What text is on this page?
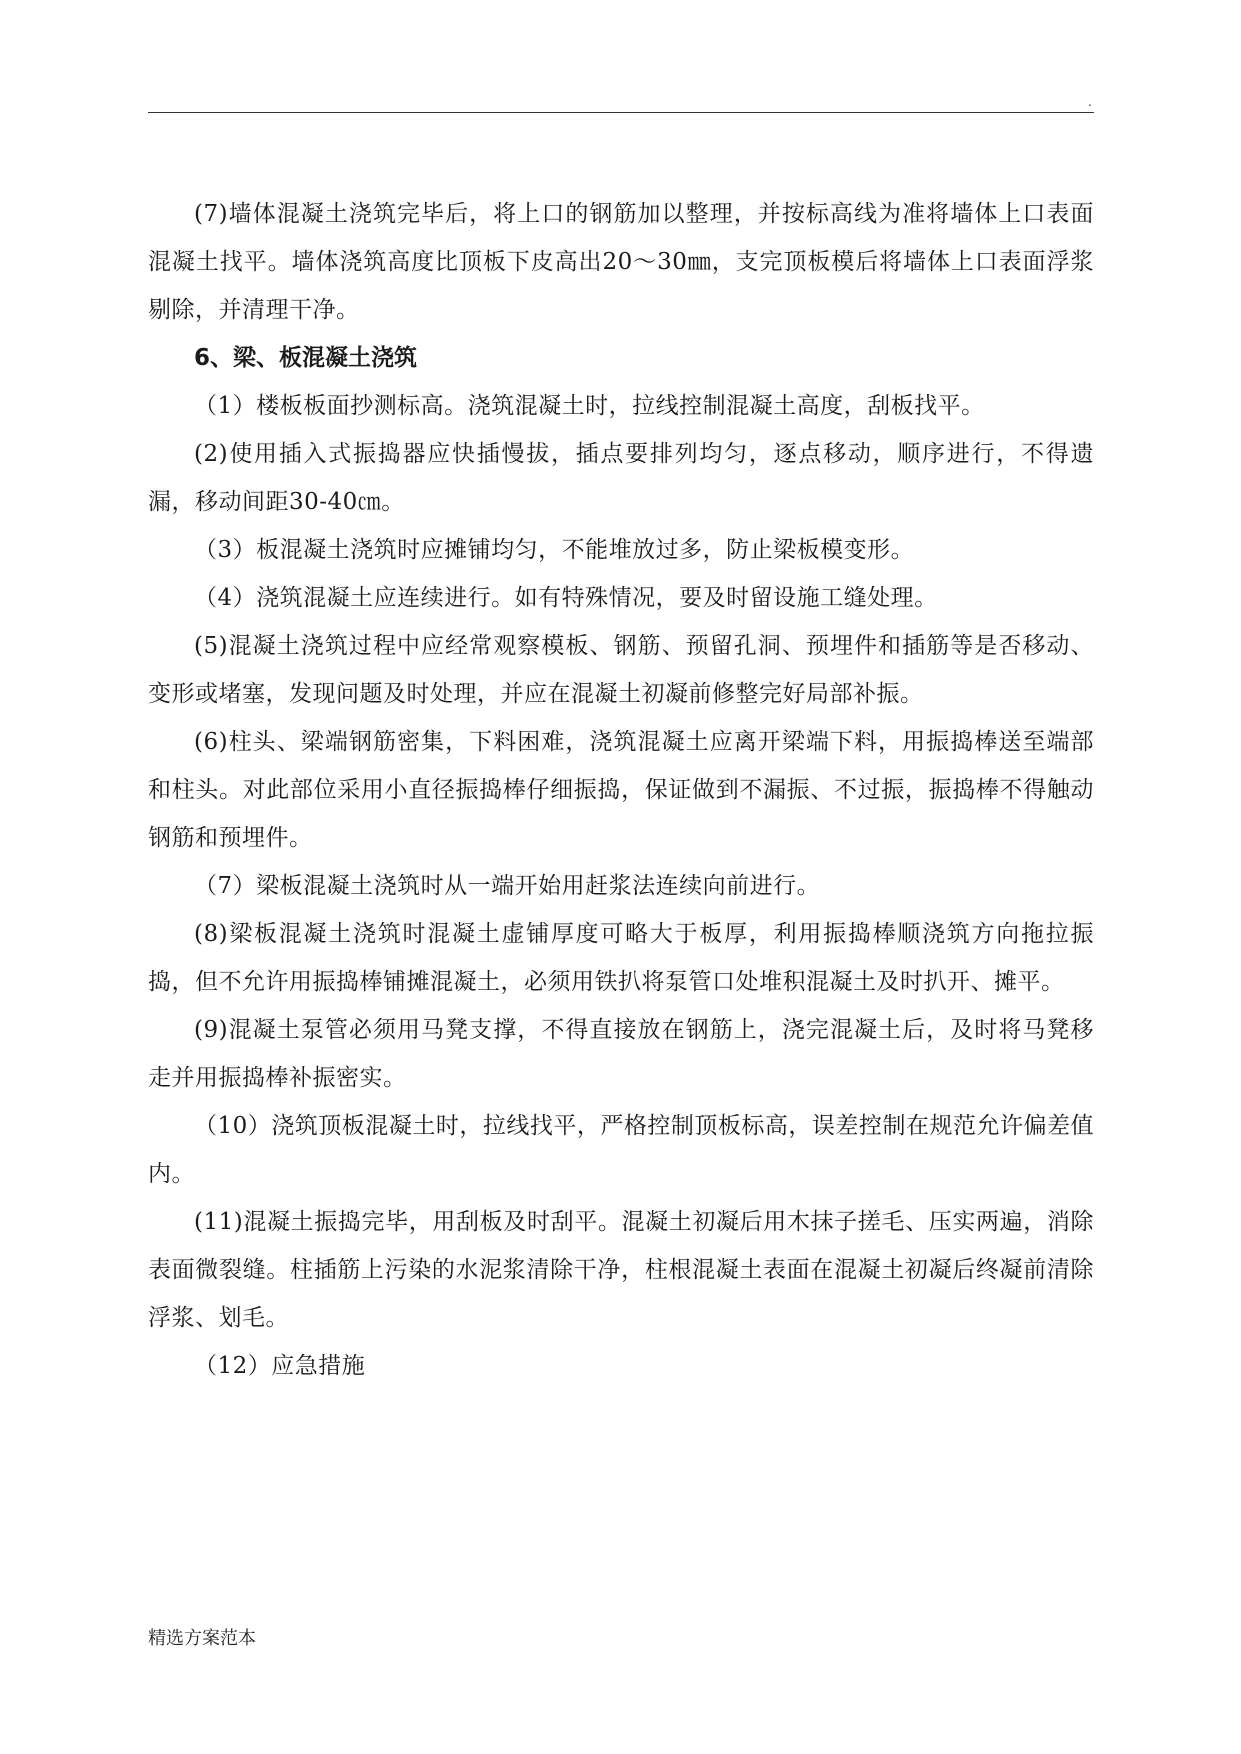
.

(7)墙体混凝土浇筑完毕后，将上口的钢筋加以整理，并按标高线为准将墙体上口表面混凝土找平。墙体浇筑高度比顶板下皮高出20～30㎜，支完顶板模后将墙体上口表面浮浆剔除，并清理干净。

6、梁、板混凝土浇筑

（1）楼板板面抄测标高。浇筑混凝土时，拉线控制混凝土高度，刮板找平。

(2)使用插入式振捣器应快插慢拔，插点要排列均匀，逐点移动，顺序进行，不得遗漏，移动间距30-40㎝。

（3）板混凝土浇筑时应摊铺均匀，不能堆放过多，防止梁板模变形。

（4）浇筑混凝土应连续进行。如有特殊情况，要及时留设施工缝处理。

(5)混凝土浇筑过程中应经常观察模板、钢筋、预留孔洞、预埋件和插筋等是否移动、变形或堵塞，发现问题及时处理，并应在混凝土初凝前修整完好局部补振。

(6)柱头、梁端钢筋密集，下料困难，浇筑混凝土应离开梁端下料，用振捣棒送至端部和柱头。对此部位采用小直径振捣棒仔细振捣，保证做到不漏振、不过振，振捣棒不得触动钢筋和预埋件。

（7）梁板混凝土浇筑时从一端开始用赶浆法连续向前进行。

(8)梁板混凝土浇筑时混凝土虚铺厚度可略大于板厚，利用振捣棒顺浇筑方向拖拉振捣，但不允许用振捣棒铺摊混凝土，必须用铁扒将泵管口处堆积混凝土及时扒开、摊平。

(9)混凝土泵管必须用马凳支撑，不得直接放在钢筋上，浇完混凝土后，及时将马凳移走并用振捣棒补振密实。

（10）浇筑顶板混凝土时，拉线找平，严格控制顶板标高，误差控制在规范允许偏差值内。

(11)混凝土振捣完毕，用刮板及时刮平。混凝土初凝后用木抹子搓毛、压实两遍，消除表面微裂缝。柱插筋上污染的水泥浆清除干净，柱根混凝土表面在混凝土初凝后终凝前清除浮浆、划毛。

（12）应急措施

精选方案范本
